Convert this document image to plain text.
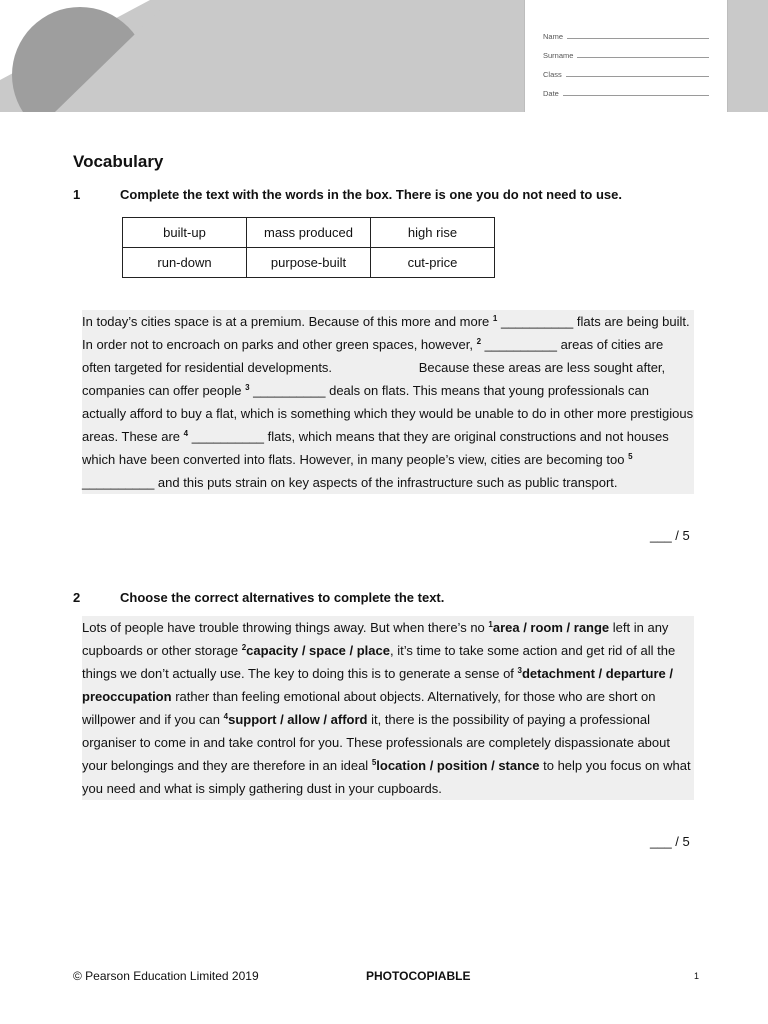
Name
Surname
Class
Date
Vocabulary
1	Complete the text with the words in the box. There is one you do not need to use.
built-up	mass produced	high rise
run-down	purpose-built	cut-price
In today’s cities space is at a premium. Because of this more and more $^1$ __________ flats are being built. In order not to encroach on parks and other green spaces, however, $^2$ __________ areas of cities are often targeted for residential developments.                        Because these areas are less sought after, companies can offer people $^3$ __________ deals on flats. This means that young professionals can actually afford to buy a flat, which is something which they would be unable to do in other more prestigious areas. These are $^4$ __________ flats, which means that they are original constructions and not houses which have been converted into flats. However, in many people’s view, cities are becoming too $^5$ __________ and this puts strain on key aspects of the infrastructure such as public transport.
___ / 5
2	Choose the correct alternatives to complete the text.
Lots of people have trouble throwing things away. But when there’s no $^1$area / room / range left in any cupboards or other storage $^2$capacity / space / place, it’s time to take some action and get rid of all the things we don’t actually use. The key to doing this is to generate a sense of $^3$detachment / departure / preoccupation rather than feeling emotional about objects. Alternatively, for those who are short on willpower and if you can $^4$support / allow / afford it, there is the possibility of paying a professional organiser to come in and take control for you. These professionals are completely dispassionate about your belongings and they are therefore in an ideal $^5$location / position / stance to help you focus on what you need and what is simply gathering dust in your cupboards.
___ / 5
© Pearson Education Limited 2019	PHOTOCOPIABLE	1
